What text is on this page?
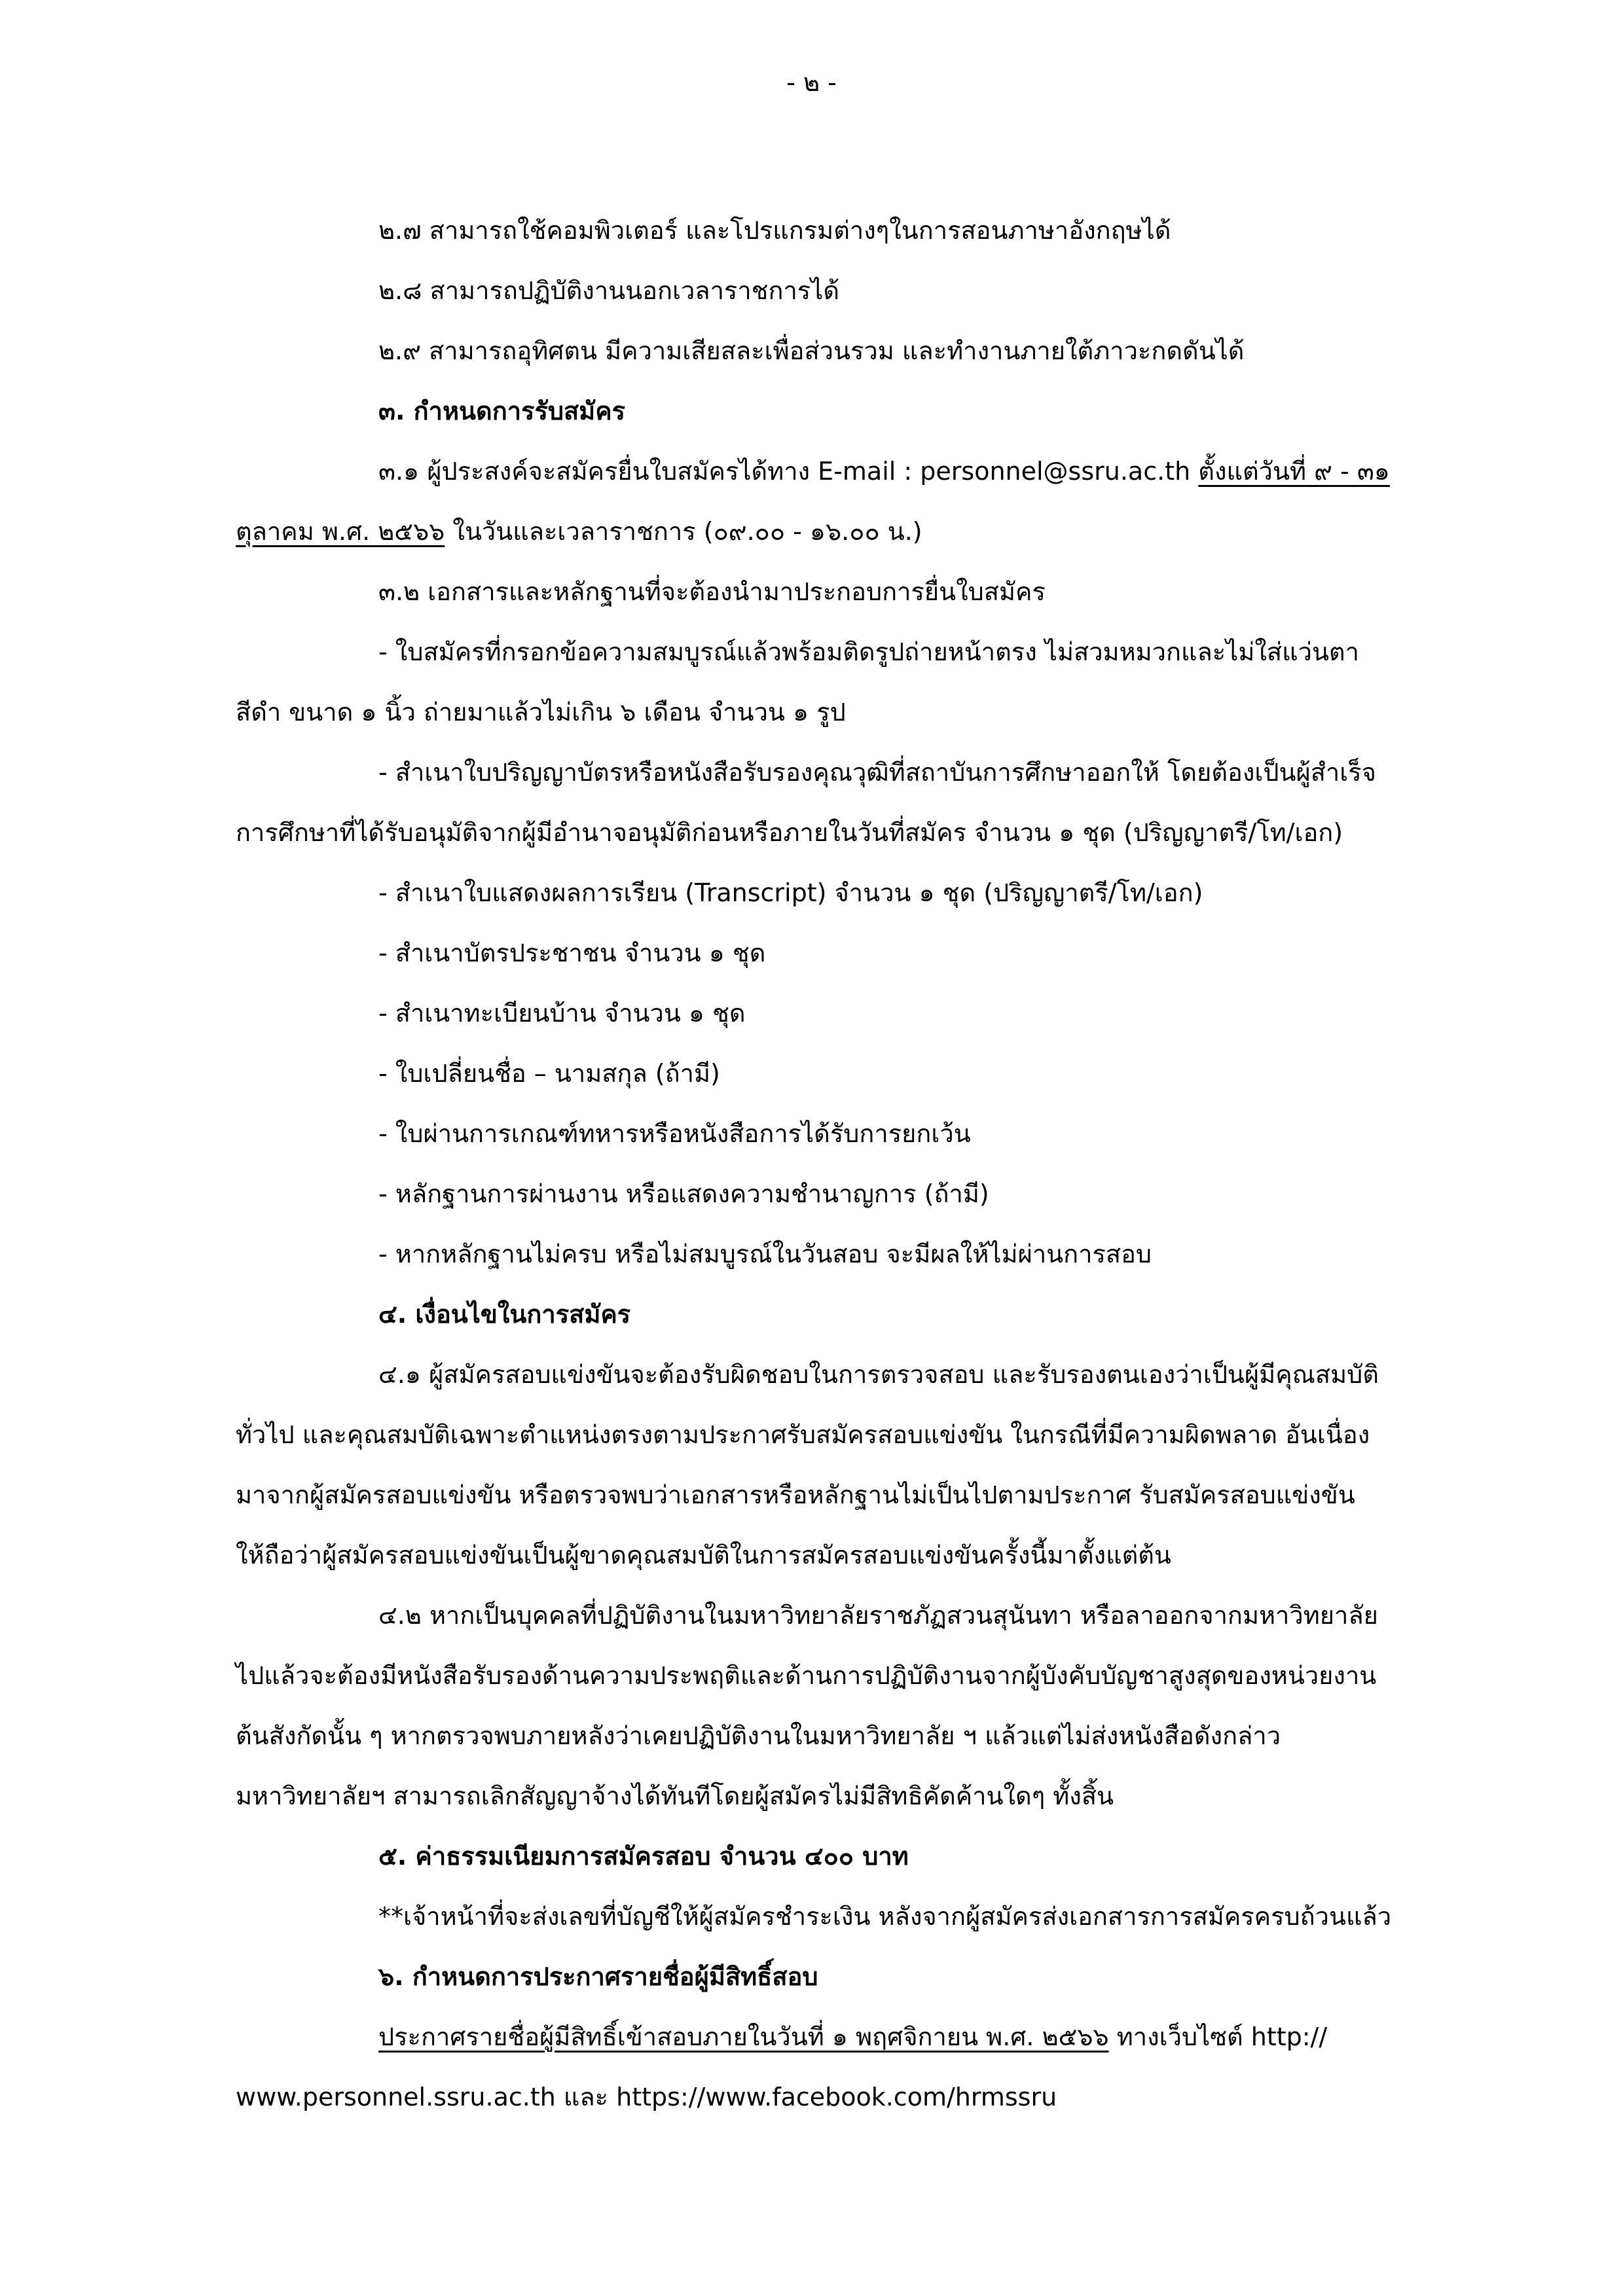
- ๒ -
๒.๗ สามารถใช้คอมพิวเตอร์ และโปรแกรมต่างๆในการสอนภาษาอังกฤษได้
๒.๘ สามารถปฏิบัติงานนอกเวลาราชการได้
๒.๙ สามารถอุทิศตน มีความเสียสละเพื่อส่วนรวม และทำงานภายใต้ภาวะกดดันได้
๓. กำหนดการรับสมัคร
๓.๑ ผู้ประสงค์จะสมัครยื่นใบสมัครได้ทาง E-mail : personnel@ssru.ac.th ตั้งแต่วันที่ ๙ - ๓๑
ตุลาคม พ.ศ. ๒๕๖๖ ในวันและเวลาราชการ (๐๙.๐๐ - ๑๖.๐๐ น.)
๓.๒ เอกสารและหลักฐานที่จะต้องนำมาประกอบการยื่นใบสมัคร
- ใบสมัครที่กรอกข้อความสมบูรณ์แล้วพร้อมติดรูปถ่ายหน้าตรง ไม่สวมหมวกและไม่ใส่แว่นตา
สีดำ ขนาด ๑ นิ้ว ถ่ายมาแล้วไม่เกิน ๖ เดือน จำนวน ๑ รูป
- สำเนาใบปริญญาบัตรหรือหนังสือรับรองคุณวุฒิที่สถาบันการศึกษาออกให้ โดยต้องเป็นผู้สำเร็จ
การศึกษาที่ได้รับอนุมัติจากผู้มีอำนาจอนุมัติก่อนหรือภายในวันที่สมัคร จำนวน ๑ ชุด (ปริญญาตรี/โท/เอก)
- สำเนาใบแสดงผลการเรียน (Transcript) จำนวน ๑ ชุด (ปริญญาตรี/โท/เอก)
- สำเนาบัตรประชาชน จำนวน ๑ ชุด
- สำเนาทะเบียนบ้าน จำนวน ๑ ชุด
- ใบเปลี่ยนชื่อ – นามสกุล (ถ้ามี)
- ใบผ่านการเกณฑ์ทหารหรือหนังสือการได้รับการยกเว้น
- หลักฐานการผ่านงาน หรือแสดงความชำนาญการ (ถ้ามี)
- หากหลักฐานไม่ครบ หรือไม่สมบูรณ์ในวันสอบ จะมีผลให้ไม่ผ่านการสอบ
๔. เงื่อนไขในการสมัคร
๔.๑ ผู้สมัครสอบแข่งขันจะต้องรับผิดชอบในการตรวจสอบ และรับรองตนเองว่าเป็นผู้มีคุณสมบัติ
ทั่วไป และคุณสมบัติเฉพาะตำแหน่งตรงตามประกาศรับสมัครสอบแข่งขัน ในกรณีที่มีความผิดพลาด อันเนื่อง
มาจากผู้สมัครสอบแข่งขัน หรือตรวจพบว่าเอกสารหรือหลักฐานไม่เป็นไปตามประกาศ รับสมัครสอบแข่งขัน
ให้ถือว่าผู้สมัครสอบแข่งขันเป็นผู้ขาดคุณสมบัติในการสมัครสอบแข่งขันครั้งนี้มาตั้งแต่ต้น
๔.๒ หากเป็นบุคคลที่ปฏิบัติงานในมหาวิทยาลัยราชภัฏสวนสุนันทา หรือลาออกจากมหาวิทยาลัย
ไปแล้วจะต้องมีหนังสือรับรองด้านความประพฤติและด้านการปฏิบัติงานจากผู้บังคับบัญชาสูงสุดของหน่วยงาน
ต้นสังกัดนั้น ๆ หากตรวจพบภายหลังว่าเคยปฏิบัติงานในมหาวิทยาลัย ฯ แล้วแต่ไม่ส่งหนังสือดังกล่าว
มหาวิทยาลัยฯ สามารถเลิกสัญญาจ้างได้ทันทีโดยผู้สมัครไม่มีสิทธิคัดค้านใดๆ ทั้งสิ้น
๕. ค่าธรรมเนียมการสมัครสอบ จำนวน ๔๐๐ บาท
**เจ้าหน้าที่จะส่งเลขที่บัญชีให้ผู้สมัครชำระเงิน หลังจากผู้สมัครส่งเอกสารการสมัครครบถ้วนแล้ว
๖. กำหนดการประกาศรายชื่อผู้มีสิทธิ์สอบ
ประกาศรายชื่อผู้มีสิทธิ์เข้าสอบภายในวันที่ ๑ พฤศจิกายน พ.ศ. ๒๕๖๖ ทางเว็บไซต์ http://
www.personnel.ssru.ac.th และ https://www.facebook.com/hrmssru
